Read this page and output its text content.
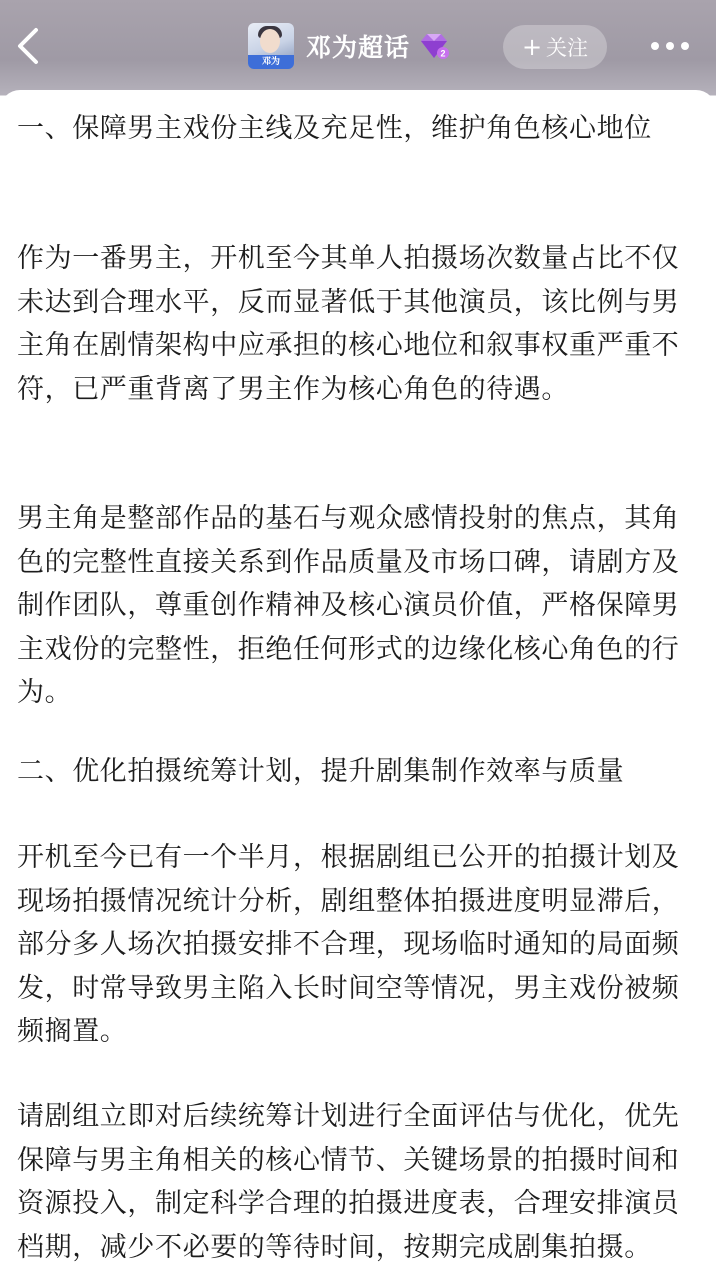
邓为	邓为超话	2	+ 关注

一、保障男主戏份主线及充足性，维护角色核心地位

作为一番男主，开机至今其单人拍摄场次数量占比不仅未达到合理水平，反而显著低于其他演员，该比例与男主角在剧情架构中应承担的核心地位和叙事权重严重不符，已严重背离了男主作为核心角色的待遇。

男主角是整部作品的基石与观众感情投射的焦点，其角色的完整性直接关系到作品质量及市场口碑，请剧方及制作团队，尊重创作精神及核心演员价值，严格保障男主戏份的完整性，拒绝任何形式的边缘化核心角色的行为。

二、优化拍摄统筹计划，提升剧集制作效率与质量

开机至今已有一个半月，根据剧组已公开的拍摄计划及现场拍摄情况统计分析，剧组整体拍摄进度明显滞后，部分多人场次拍摄安排不合理，现场临时通知的局面频发，时常导致男主陷入长时间空等情况，男主戏份被频频搁置。

请剧组立即对后续统筹计划进行全面评估与优化，优先保障与男主角相关的核心情节、关键场景的拍摄时间和资源投入，制定科学合理的拍摄进度表，合理安排演员档期，减少不必要的等待时间，按期完成剧集拍摄。
